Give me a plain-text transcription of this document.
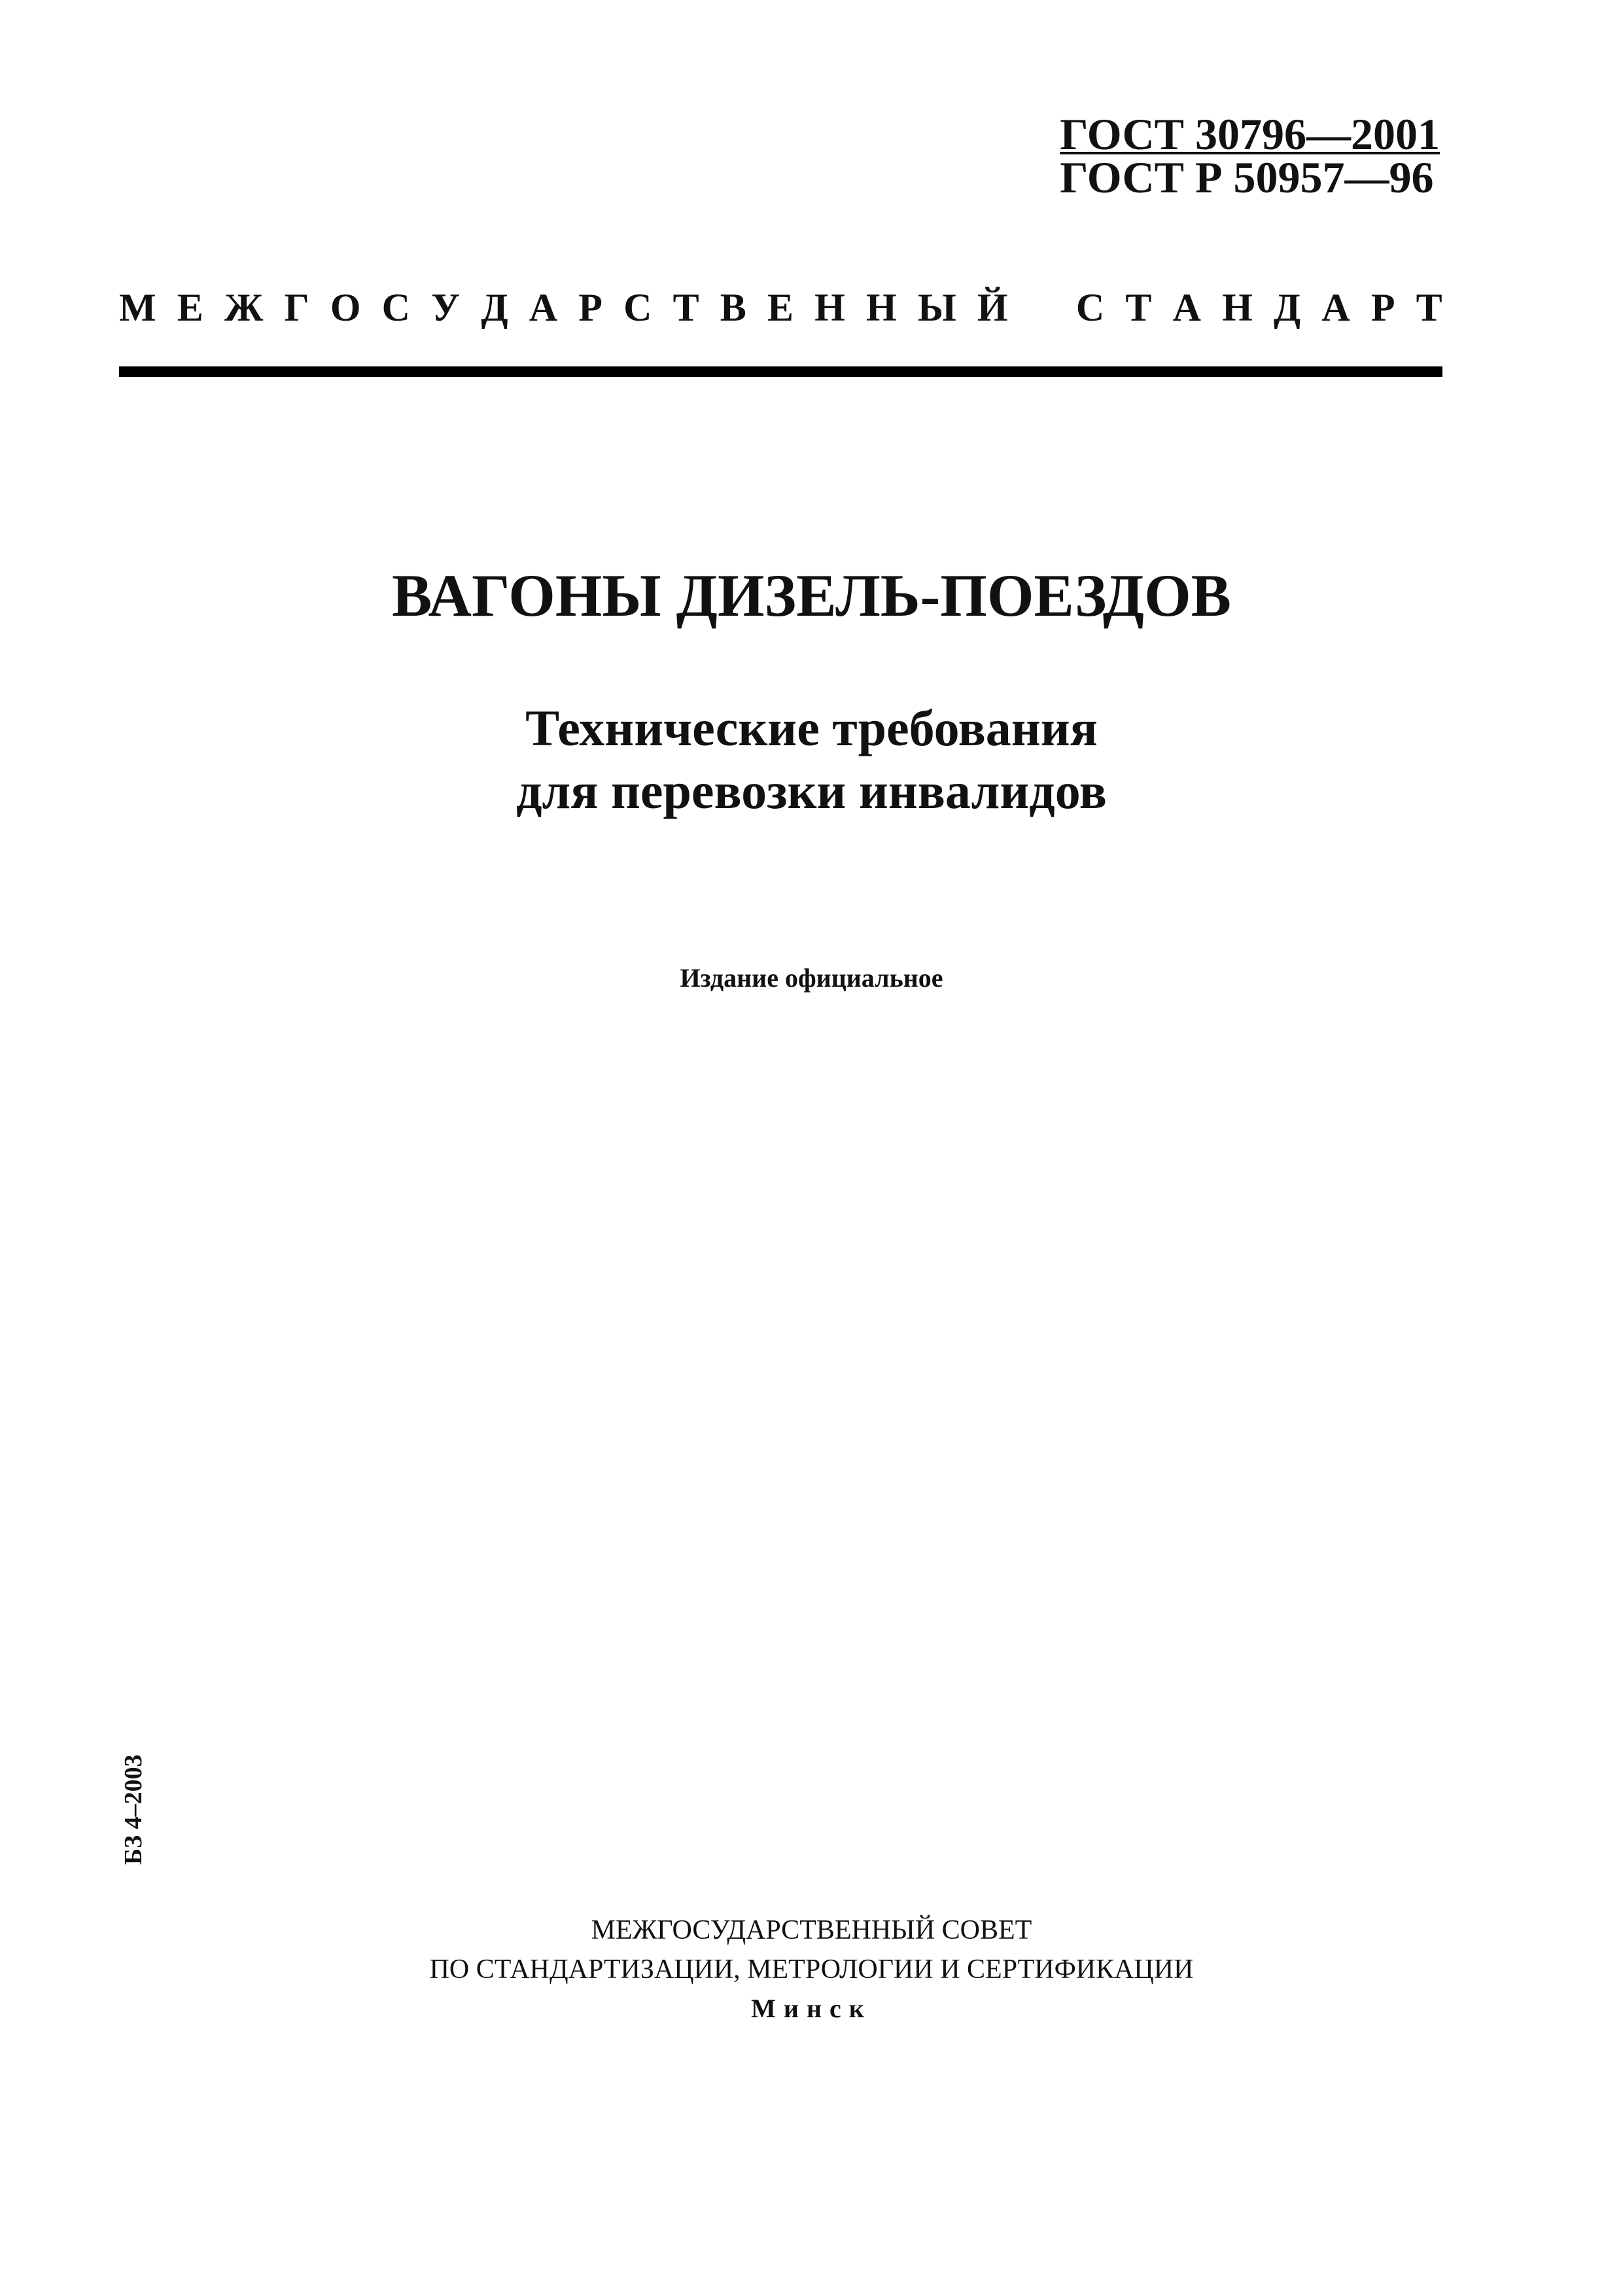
ГОСТ 30796—2001
ГОСТ Р 50957—96
М Е Ж Г О С У Д А Р С Т В Е Н Н Ы Й С Т А Н Д А Р Т
ВАГОНЫ ДИЗЕЛЬ-ПОЕЗДОВ
Технические требования
для перевозки инвалидов
Издание официальное
БЗ 4–2003
МЕЖГОСУДАРСТВЕННЫЙ СОВЕТ
ПО СТАНДАРТИЗАЦИИ, МЕТРОЛОГИИ И СЕРТИФИКАЦИИ
Минск
